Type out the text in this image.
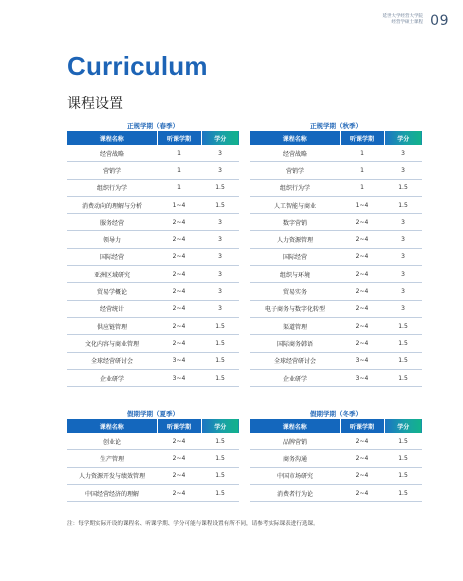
延世大学经营大学院
经营学硕士课程 09
Curriculum
课程设置
正规学期（春季）
课程名称	听课学期	学分
经营战略	1	3
营销学	1	3
组织行为学	1	1.5
消费动向的理解与分析	1~4	1.5
服务经营	2~4	3
领导力	2~4	3
国际经营	2~4	3
亚洲区域研究	2~4	3
贸易学概论	2~4	3
经营统计	2~4	3
供应链管理	2~4	1.5
文化内容与商业管理	2~4	1.5
全球经营研讨会	3~4	1.5
企业研学	3~4	1.5
正规学期（秋季）
课程名称	听课学期	学分
经营战略	1	3
营销学	1	3
组织行为学	1	1.5
人工智能与商业	1~4	1.5
数字营销	2~4	3
人力资源管理	2~4	3
国际经营	2~4	3
组织与环境	2~4	3
贸易实务	2~4	3
电子商务与数字化转型	2~4	3
渠道管理	2~4	1.5
国际商务韩语	2~4	1.5
全球经营研讨会	3~4	1.5
企业研学	3~4	1.5
假期学期（夏季）
课程名称	听课学期	学分
创业论	2~4	1.5
生产管理	2~4	1.5
人力资源开发与绩效管理	2~4	1.5
中国经营经济的理解	2~4	1.5
假期学期（冬季）
课程名称	听课学期	学分
品牌营销	2~4	1.5
商务沟通	2~4	1.5
中国市场研究	2~4	1.5
消费者行为论	2~4	1.5
注：每学期实际开设的课程名、听课学期、学分可能与课程设置有所不同，请参考实际课表进行选课。
